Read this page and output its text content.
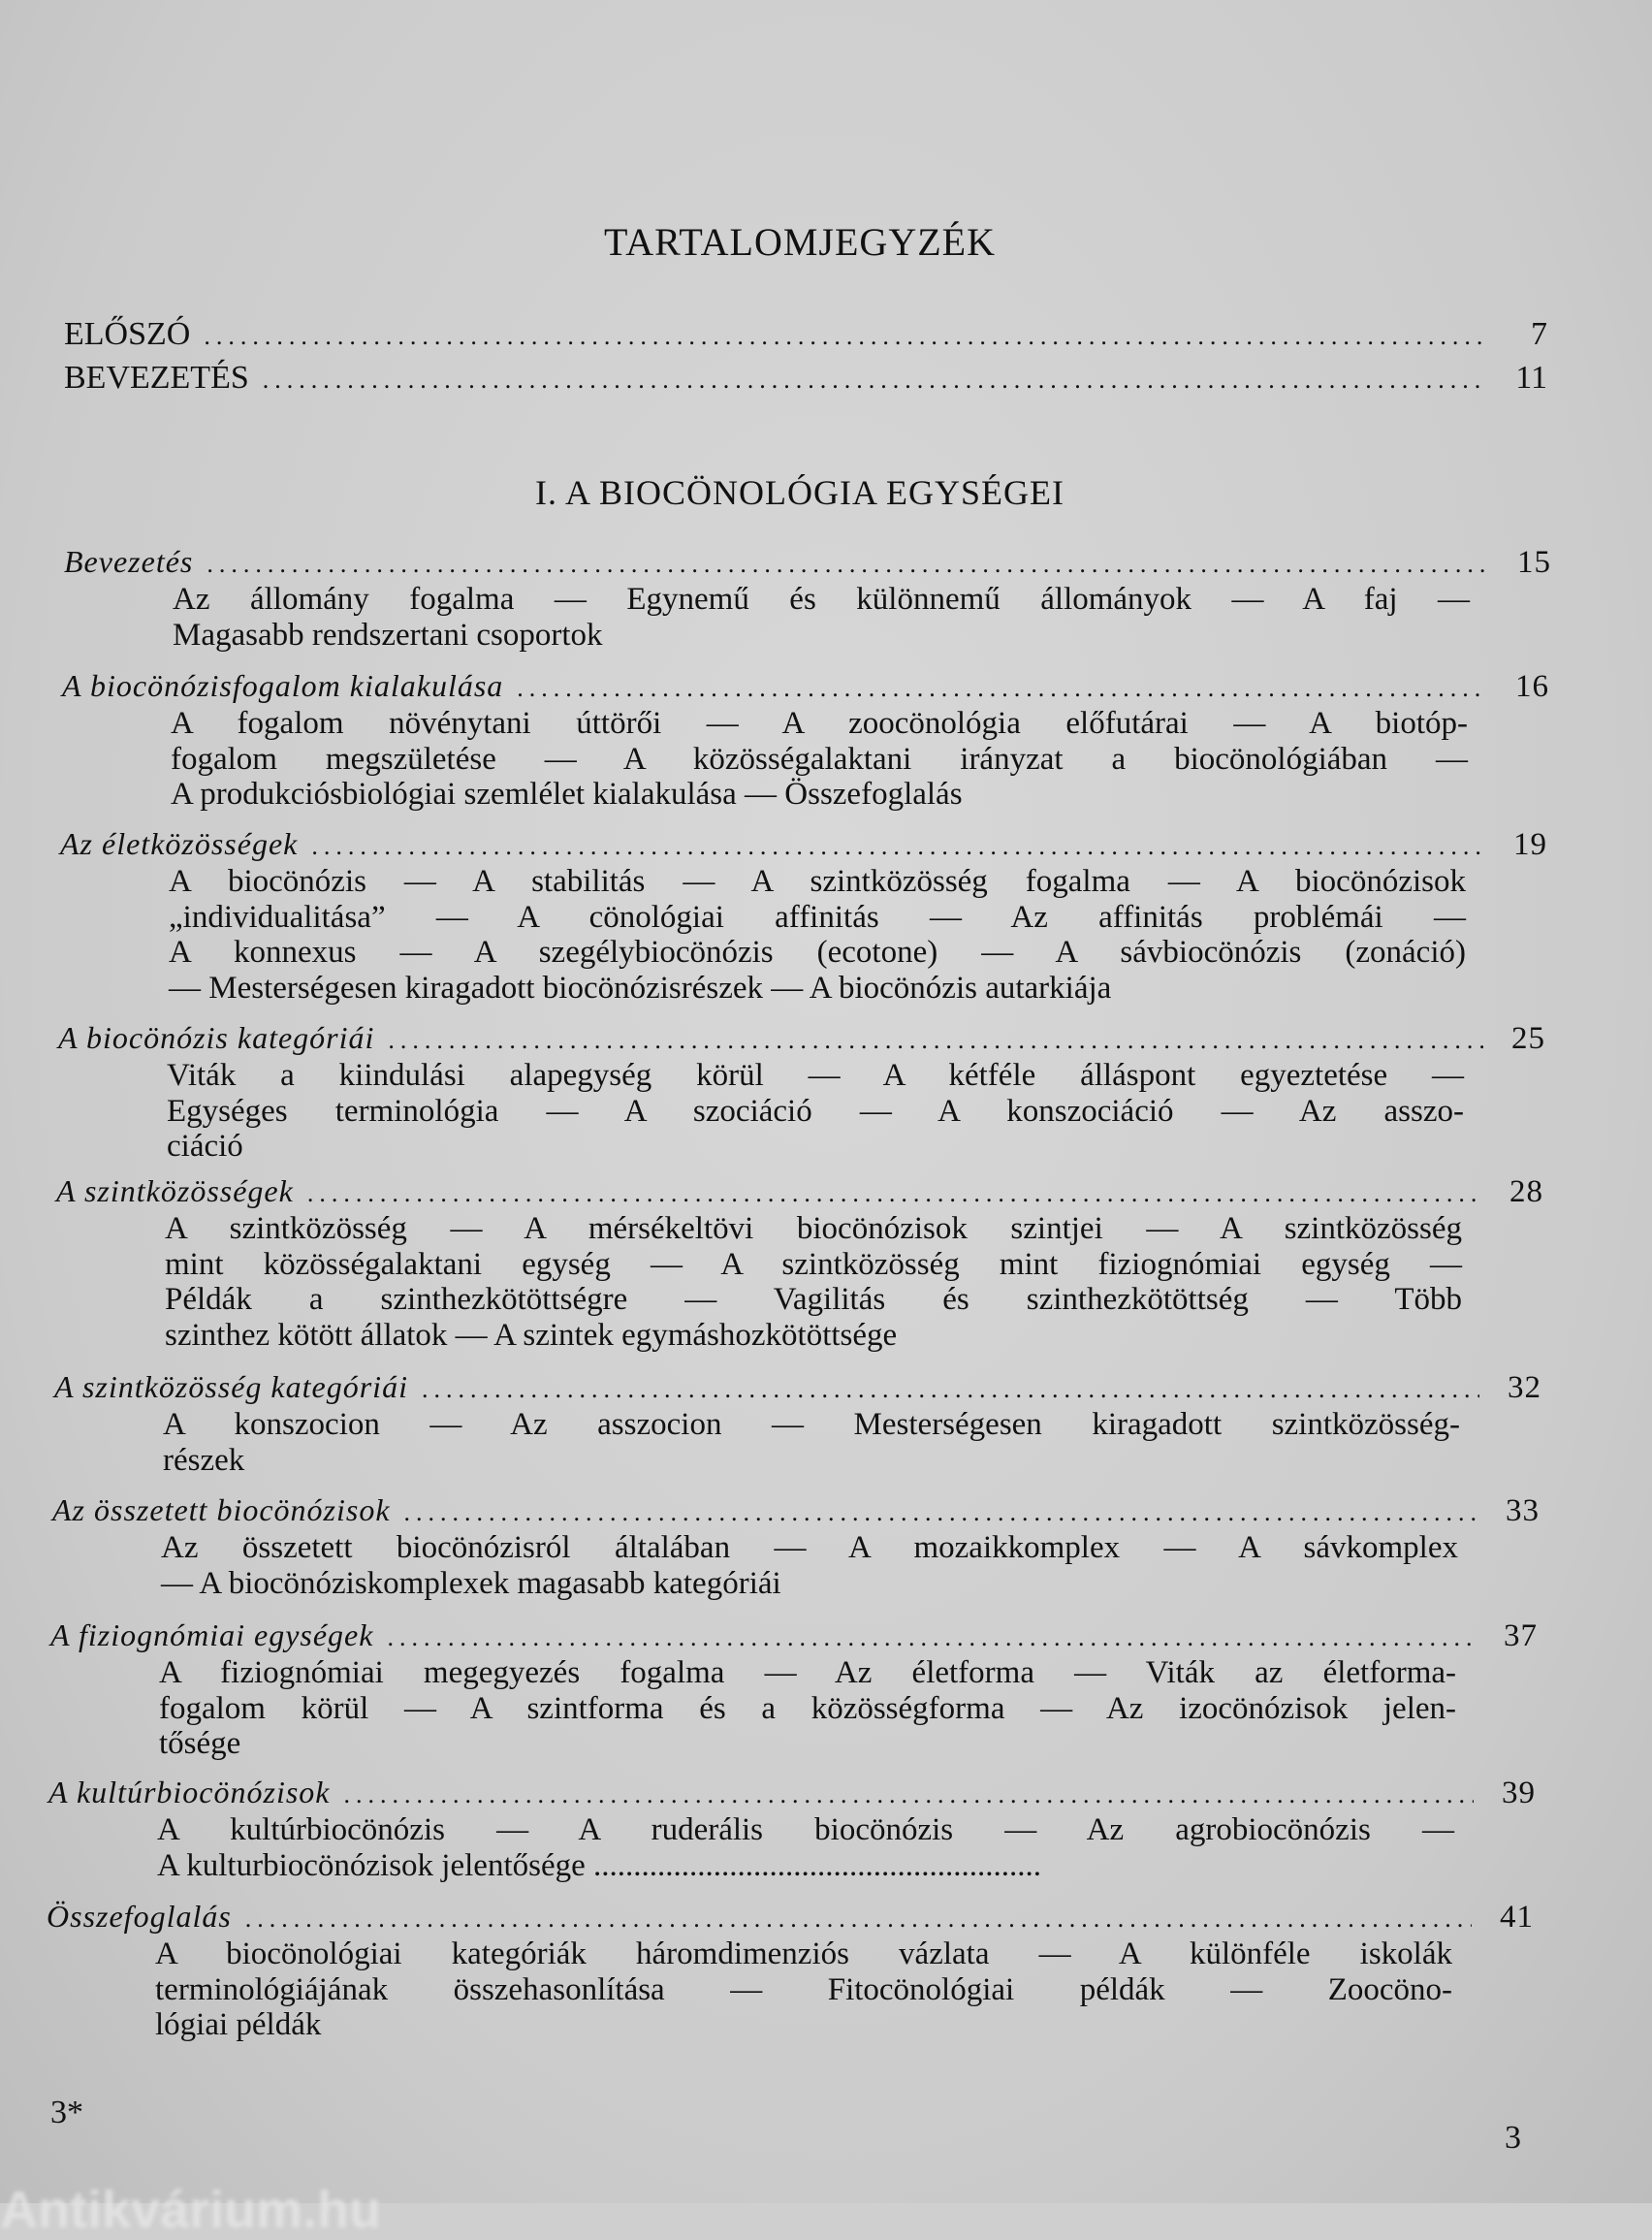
TARTALOMJEGYZÉK
ELŐSZÓ .....	7
BEVEZETÉS .....	11
I. A BIOCÖNOLÓGIA EGYSÉGEI
Bevezetés .....	15
Az állomány fogalma — Egynemű és különnemű állományok — A faj —
Magasabb rendszertani csoportok
A biocönózisfogalom kialakulása .....	16
A fogalom növénytani úttörői — A zoocönológia előfutárai — A biotóp-
fogalom megszületése — A közösségalaktani irányzat a biocönológiában —
A produkciósbiológiai szemlélet kialakulása — Összefoglalás
Az életközösségek .....	19
A biocönózis — A stabilitás — A szintközösség fogalma — A biocönózisok
„individualitása” — A cönológiai affinitás — Az affinitás problémái —
A konnexus — A szegélybiocönózis (ecotone) — A sávbiocönózis (zonáció)
— Mesterségesen kiragadott biocönózisrészek — A biocönózis autarkiája
A biocönózis kategóriái .....	25
Viták a kiindulási alapegység körül — A kétféle álláspont egyeztetése —
Egységes terminológia — A szociáció — A konszociáció — Az asszo-
ciáció
A szintközösségek .....	28
A szintközösség — A mérsékeltövi biocönózisok szintjei — A szintközösség
mint közösségalaktani egység — A szintközösség mint fiziognómiai egység —
Példák a szinthezkötöttségre — Vagilitás és szinthezkötöttség — Több
szinthez kötött állatok — A szintek egymáshozkötöttsége
A szintközösség kategóriái .....	32
A konszocion — Az asszocion — Mesterségesen kiragadott szintközösség-
részek
Az összetett biocönózisok .....	33
Az összetett biocönózisról általában — A mozaikkomplex — A sávkomplex
— A biocönóziskomplexek magasabb kategóriái
A fiziognómiai egységek .....	37
A fiziognómiai megegyezés fogalma — Az életforma — Viták az életforma-
fogalom körül — A szintforma és a közösségforma — Az izocönózisok jelen-
tősége
A kultúrbiocönózisok .....	39
A kultúrbiocönózis — A ruderális biocönózis — Az agrobiocönózis —
A kulturbiocönózisok jelentősége ........................................................
Összefoglalás .....	41
A biocönológiai kategóriák háromdimenziós vázlata — A különféle iskolák
terminológiájának összehasonlítása — Fitocönológiai példák — Zoocöno-
lógiai példák
3*
3
Antikvárium.hu
